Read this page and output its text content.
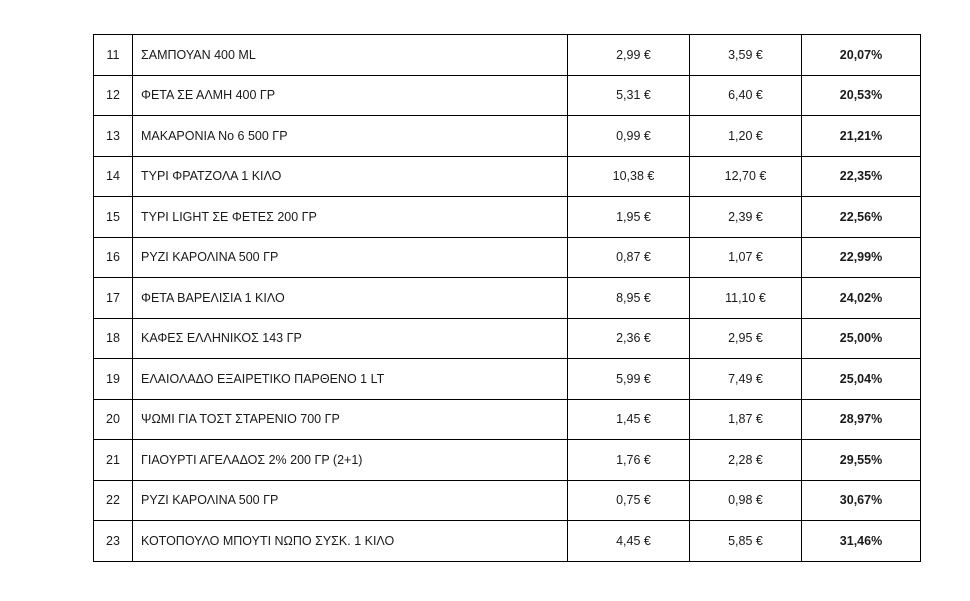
11	ΣΑΜΠΟΥΑΝ 400 ML	2,99 €	3,59 €	20,07%
12	ΦΕΤΑ ΣΕ ΑΛΜΗ 400 ΓΡ	5,31 €	6,40 €	20,53%
13	ΜΑΚΑΡΟΝΙΑ Νο 6 500 ΓΡ	0,99 €	1,20 €	21,21%
14	ΤΥΡΙ ΦΡΑΤΖΟΛΑ 1 ΚΙΛΟ	10,38 €	12,70 €	22,35%
15	ΤΥΡΙ LIGHT ΣΕ ΦΕΤΕΣ 200 ΓΡ	1,95 €	2,39 €	22,56%
16	ΡΥΖΙ ΚΑΡΟΛΙΝΑ 500 ΓΡ	0,87 €	1,07 €	22,99%
17	ΦΕΤΑ ΒΑΡΕΛΙΣΙΑ 1 ΚΙΛΟ	8,95 €	11,10 €	24,02%
18	ΚΑΦΕΣ ΕΛΛΗΝΙΚΟΣ 143 ΓΡ	2,36 €	2,95 €	25,00%
19	ΕΛΑΙΟΛΑΔΟ ΕΞΑΙΡΕΤΙΚΟ ΠΑΡΘΕΝΟ 1 LT	5,99 €	7,49 €	25,04%
20	ΨΩΜΙ ΓΙΑ ΤΟΣΤ ΣΤΑΡΕΝΙΟ 700 ΓΡ	1,45 €	1,87 €	28,97%
21	ΓΙΑΟΥΡΤΙ ΑΓΕΛΑΔΟΣ 2% 200 ΓΡ (2+1)	1,76 €	2,28 €	29,55%
22	ΡΥΖΙ ΚΑΡΟΛΙΝΑ 500 ΓΡ	0,75 €	0,98 €	30,67%
23	ΚΟΤΟΠΟΥΛΟ ΜΠΟΥΤΙ ΝΩΠΟ ΣΥΣΚ. 1 ΚΙΛΟ	4,45 €	5,85 €	31,46%
